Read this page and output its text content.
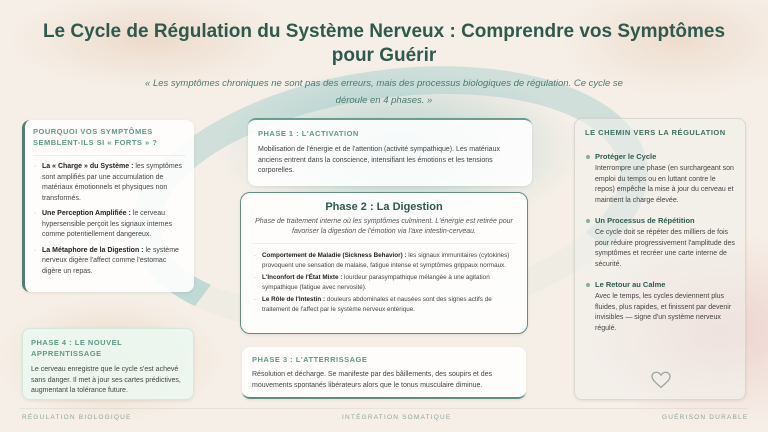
Le Cycle de Régulation du Système Nerveux : Comprendre vos Symptômes pour Guérir

« Les symptômes chroniques ne sont pas des erreurs, mais des processus biologiques de régulation. Ce cycle se déroule en 4 phases. »

POURQUOI VOS SYMPTÔMES SEMBLENT-ILS SI « FORTS » ?
· La « Charge » du Système : les symptômes sont amplifiés par une accumulation de matériaux émotionnels et physiques non transformés.
· Une Perception Amplifiée : le cerveau hypersensible perçoit les signaux internes comme potentiellement dangereux.
· La Métaphore de la Digestion : le système nerveux digère l'affect comme l'estomac digère un repas.
PHASE 4 : LE NOUVEL APPRENTISSAGE
Le cerveau enregistre que le cycle s'est achevé sans danger. Il met à jour ses cartes prédictives, augmentant la tolérance future.
PHASE 1 : L'ACTIVATION
Mobilisation de l'énergie et de l'attention (activité sympathique). Les matériaux anciens entrent dans la conscience, intensifiant les émotions et les tensions corporelles.
Phase 2 : La Digestion
Phase de traitement interne où les symptômes culminent. L'énergie est retirée pour favoriser la digestion de l'émotion via l'axe intestin-cerveau.
· Comportement de Maladie (Sickness Behavior) : les signaux immunitaires (cytokines) provoquent une sensation de malaise, fatigue intense et symptômes grippaux normaux.
· L'Inconfort de l'État Mixte : lourdeur parasympathique mélangée à une agitation sympathique (fatigue avec nervosité).
· Le Rôle de l'Intestin : douleurs abdominales et nausées sont des signes actifs de traitement de l'affect par le système nerveux entérique.
PHASE 3 : L'ATTERRISSAGE
Résolution et décharge. Se manifeste par des bâillements, des soupirs et des mouvements spontanés libérateurs alors que le tonus musculaire diminue.
LE CHEMIN VERS LA RÉGULATION
Protéger le Cycle
Interrompre une phase (en surchargeant son emploi du temps ou en luttant contre le repos) empêche la mise à jour du cerveau et maintient la charge élevée.
Un Processus de Répétition
Ce cycle doit se répéter des milliers de fois pour réduire progressivement l'amplitude des symptômes et recréer une carte interne de sécurité.
Le Retour au Calme
Avec le temps, les cycles deviennent plus fluides, plus rapides, et finissent par devenir invisibles — signe d'un système nerveux régulé.
RÉGULATION BIOLOGIQUE	INTÉGRATION SOMATIQUE	GUÉRISON DURABLE
